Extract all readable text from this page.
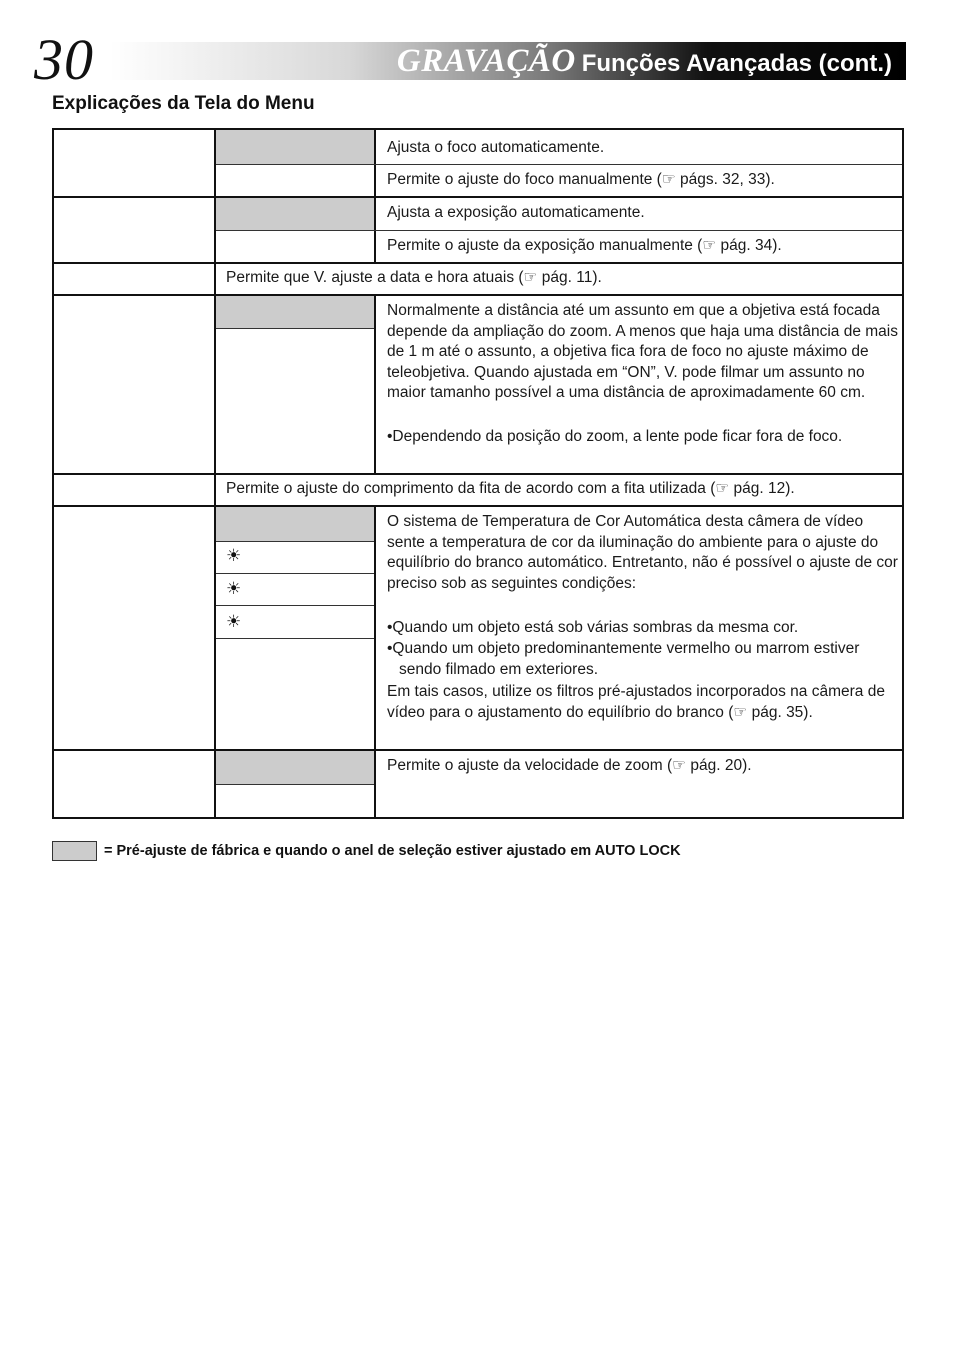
30	GRAVAÇÃO Funções Avançadas (cont.)
Explicações da Tela do Menu
Ajusta o foco automaticamente.
Permite o ajuste do foco manualmente (☞ págs. 32, 33).
Ajusta a exposição automaticamente.
Permite o ajuste da exposição manualmente (☞ pág. 34).
Permite que V. ajuste a data e hora atuais (☞ pág. 11).
Normalmente a distância até um assunto em que a objetiva está focada depende da ampliação do zoom. A menos que haja uma distância de mais de 1 m até o assunto, a objetiva fica fora de foco no ajuste máximo de teleobjetiva. Quando ajustada em “ON”, V. pode filmar um assunto no maior tamanho possível a uma distância de aproximadamente 60 cm.
•Dependendo da posição do zoom, a lente pode ficar fora de foco.
Permite o ajuste do comprimento da fita de acordo com a fita utilizada (☞ pág. 12).
☀
☀
☀
O sistema de Temperatura de Cor Automática desta câmera de vídeo sente a temperatura de cor da iluminação do ambiente para o ajuste do equilíbrio do branco automático. Entretanto, não é possível o ajuste de cor preciso sob as seguintes condições:
•Quando um objeto está sob várias sombras da mesma cor.
•Quando um objeto predominantemente vermelho ou marrom estiver sendo filmado em exteriores.
Em tais casos, utilize os filtros pré-ajustados incorporados na câmera de vídeo para o ajustamento do equilíbrio do branco (☞ pág. 35).
Permite o ajuste da velocidade de zoom (☞ pág. 20).
= Pré-ajuste de fábrica e quando o anel de seleção estiver ajustado em AUTO LOCK
